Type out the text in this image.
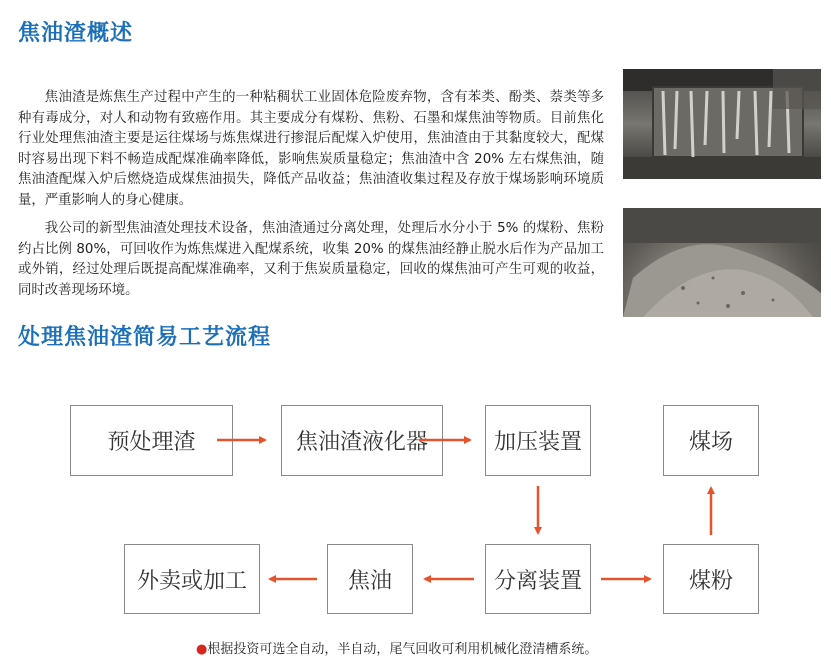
焦油渣概述

焦油渣是炼焦生产过程中产生的一种粘稠状工业固体危险废弃物，含有苯类、酚类、萘类等多种有毒成分，对人和动物有致癌作用。其主要成分有煤粉、焦粉、石墨和煤焦油等物质。目前焦化行业处理焦油渣主要是运往煤场与炼焦煤进行掺混后配煤入炉使用，焦油渣由于其黏度较大，配煤时容易出现下料不畅造成配煤准确率降低，影响焦炭质量稳定；焦油渣中含 20% 左右煤焦油，随焦油渣配煤入炉后燃烧造成煤焦油损失，降低产品收益；焦油渣收集过程及存放于煤场影响环境质量，严重影响人的身心健康。

我公司的新型焦油渣处理技术设备，焦油渣通过分离处理，处理后水分小于 5% 的煤粉、焦粉约占比例 80%，可回收作为炼焦煤进入配煤系统，收集 20% 的煤焦油经静止脱水后作为产品加工或外销，经过处理后既提高配煤准确率，又利于焦炭质量稳定，回收的煤焦油可产生可观的收益，同时改善现场环境。

处理焦油渣简易工艺流程
预处理渣	焦油渣液化器	加压装置	煤场
外卖或加工	焦油	分离装置	煤粉
●根据投资可选全自动，半自动，尾气回收可利用机械化澄清槽系统。
